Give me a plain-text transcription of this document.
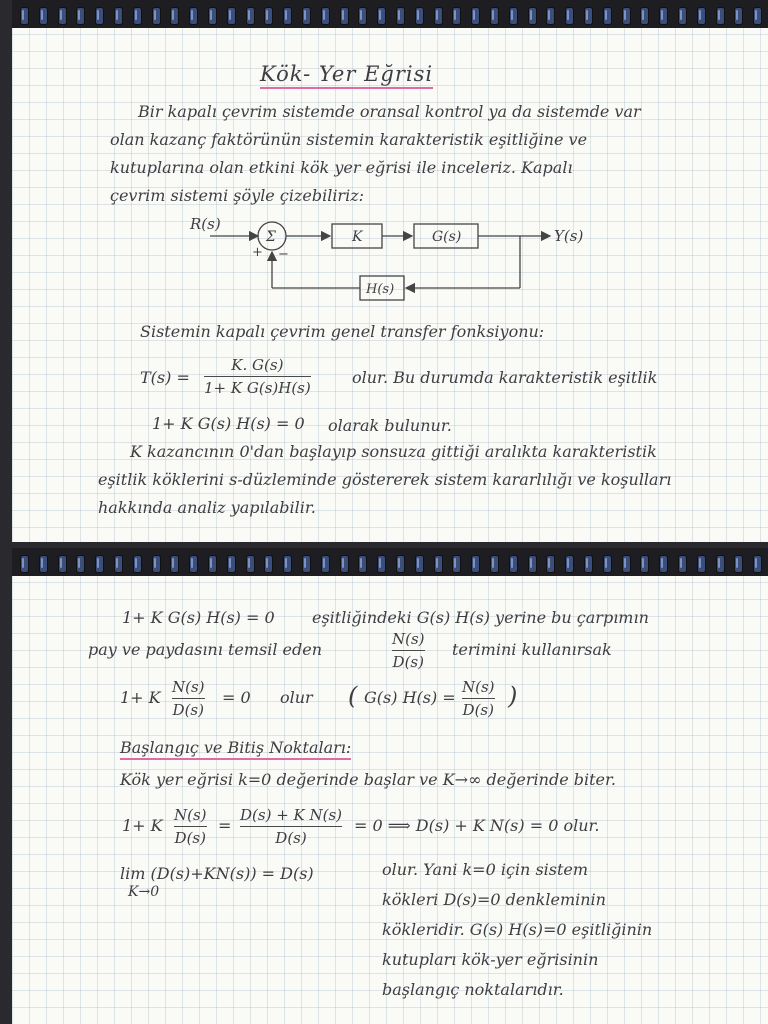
Kök- Yer Eğrisi
Bir kapalı çevrim sistemde oransal kontrol ya da sistemde var
olan kazanç faktörünün sistemin karakteristik eşitliğine ve
kutuplarına olan etkini kök yer eğrisi ile inceleriz. Kapalı
çevrim sistemi şöyle çizebiliriz:
R(s)
Σ
+ −
K	G(s)	Y(s)
H(s)
Sistemin kapalı çevrim genel transfer fonksiyonu:
T(s) =
K. G(s)
1+ K G(s)H(s)
olur. Bu durumda karakteristik eşitlik
1+ K G(s) H(s) = 0 olarak bulunur.
K kazancının 0'dan başlayıp sonsuza gittiği aralıkta karakteristik
eşitlik köklerini s-düzleminde göstererek sistem kararlılığı ve koşulları
hakkında analiz yapılabilir.
1+ K G(s) H(s) = 0 eşitliğindeki G(s) H(s) yerine bu çarpımın
pay ve paydasını temsil eden
N(s)
D(s)
terimini kullanırsak
1+ K
N(s)
D(s)
= 0 olur ( G(s) H(s) =
N(s)
D(s) )
Başlangıç ve Bitiş Noktaları:
Kök yer eğrisi k=0 değerinde başlar ve K→∞ değerinde biter.
1+ K
N(s)
D(s)
=
D(s) + K N(s)
D(s)
= 0 ⟹ D(s) + K N(s) = 0 olur.
lim (D(s)+KN(s)) = D(s)
K→0
olur. Yani k=0 için sistem
kökleri D(s)=0 denkleminin
kökleridir. G(s) H(s)=0 eşitliğinin
kutupları kök-yer eğrisinin
başlangıç noktalarıdır.
